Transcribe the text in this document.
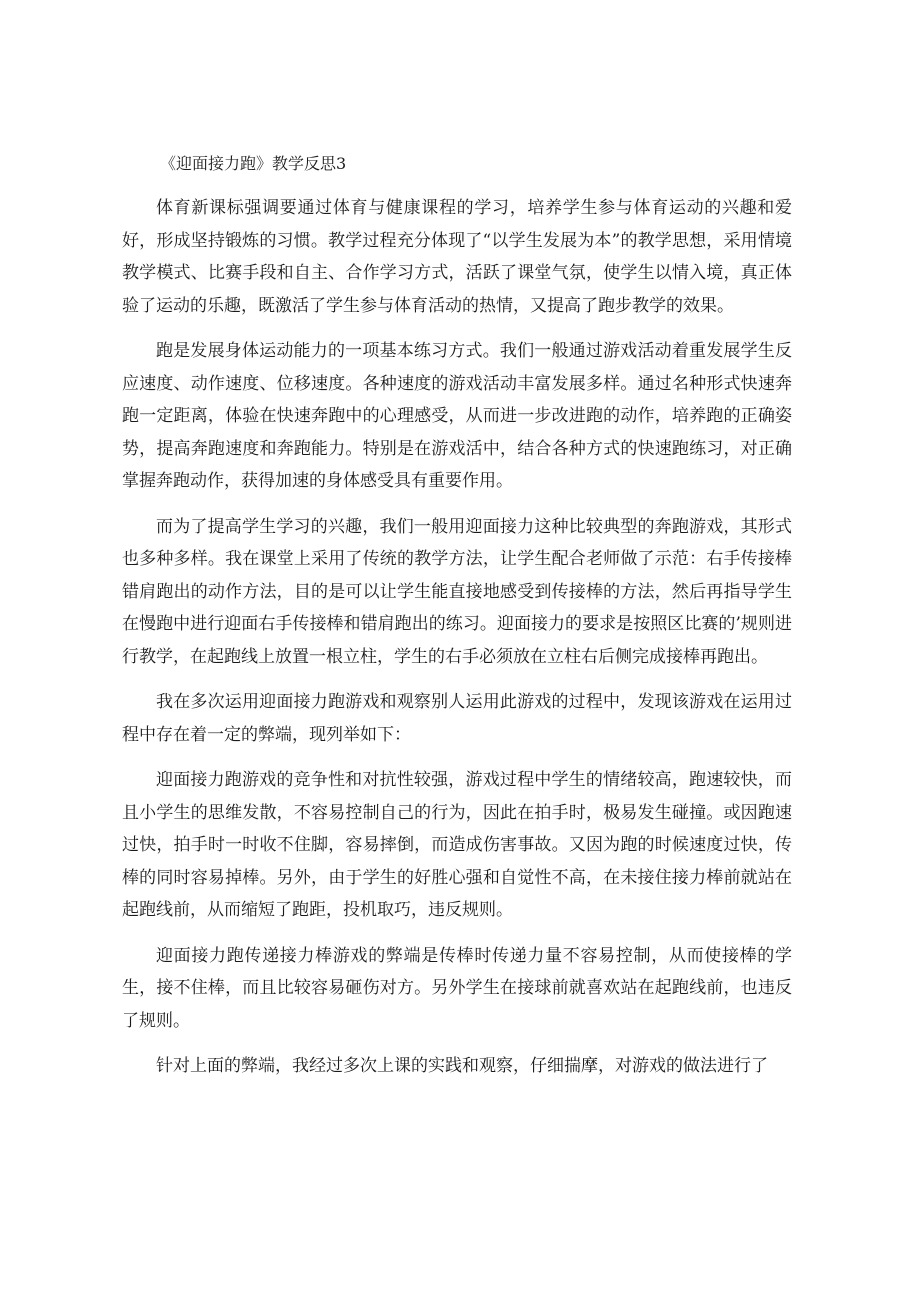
《迎面接力跑》教学反思3

体育新课标强调要通过体育与健康课程的学习，培养学生参与体育运动的兴趣和爱好，形成坚持锻炼的习惯。教学过程充分体现了“以学生发展为本”的教学思想，采用情境教学模式、比赛手段和自主、合作学习方式，活跃了课堂气氛，使学生以情入境，真正体验了运动的乐趣，既激活了学生参与体育活动的热情，又提高了跑步教学的效果。

跑是发展身体运动能力的一项基本练习方式。我们一般通过游戏活动着重发展学生反应速度、动作速度、位移速度。各种速度的游戏活动丰富发展多样。通过名种形式快速奔跑一定距离，体验在快速奔跑中的心理感受，从而进一步改进跑的动作，培养跑的正确姿势，提高奔跑速度和奔跑能力。特别是在游戏活中，结合各种方式的快速跑练习，对正确掌握奔跑动作，获得加速的身体感受具有重要作用。

而为了提高学生学习的兴趣，我们一般用迎面接力这种比较典型的奔跑游戏，其形式也多种多样。我在课堂上采用了传统的教学方法，让学生配合老师做了示范：右手传接棒错肩跑出的动作方法，目的是可以让学生能直接地感受到传接棒的方法，然后再指导学生在慢跑中进行迎面右手传接棒和错肩跑出的练习。迎面接力的要求是按照区比赛的’规则进行教学，在起跑线上放置一根立柱，学生的右手必须放在立柱右后侧完成接棒再跑出。

我在多次运用迎面接力跑游戏和观察别人运用此游戏的过程中，发现该游戏在运用过程中存在着一定的弊端，现列举如下：

迎面接力跑游戏的竞争性和对抗性较强，游戏过程中学生的情绪较高，跑速较快，而且小学生的思维发散，不容易控制自己的行为，因此在拍手时，极易发生碰撞。或因跑速过快，拍手时一时收不住脚，容易摔倒，而造成伤害事故。又因为跑的时候速度过快，传棒的同时容易掉棒。另外，由于学生的好胜心强和自觉性不高，在未接住接力棒前就站在起跑线前，从而缩短了跑距，投机取巧，违反规则。

迎面接力跑传递接力棒游戏的弊端是传棒时传递力量不容易控制，从而使接棒的学生，接不住棒，而且比较容易砸伤对方。另外学生在接球前就喜欢站在起跑线前，也违反了规则。

针对上面的弊端，我经过多次上课的实践和观察，仔细揣摩，对游戏的做法进行了
